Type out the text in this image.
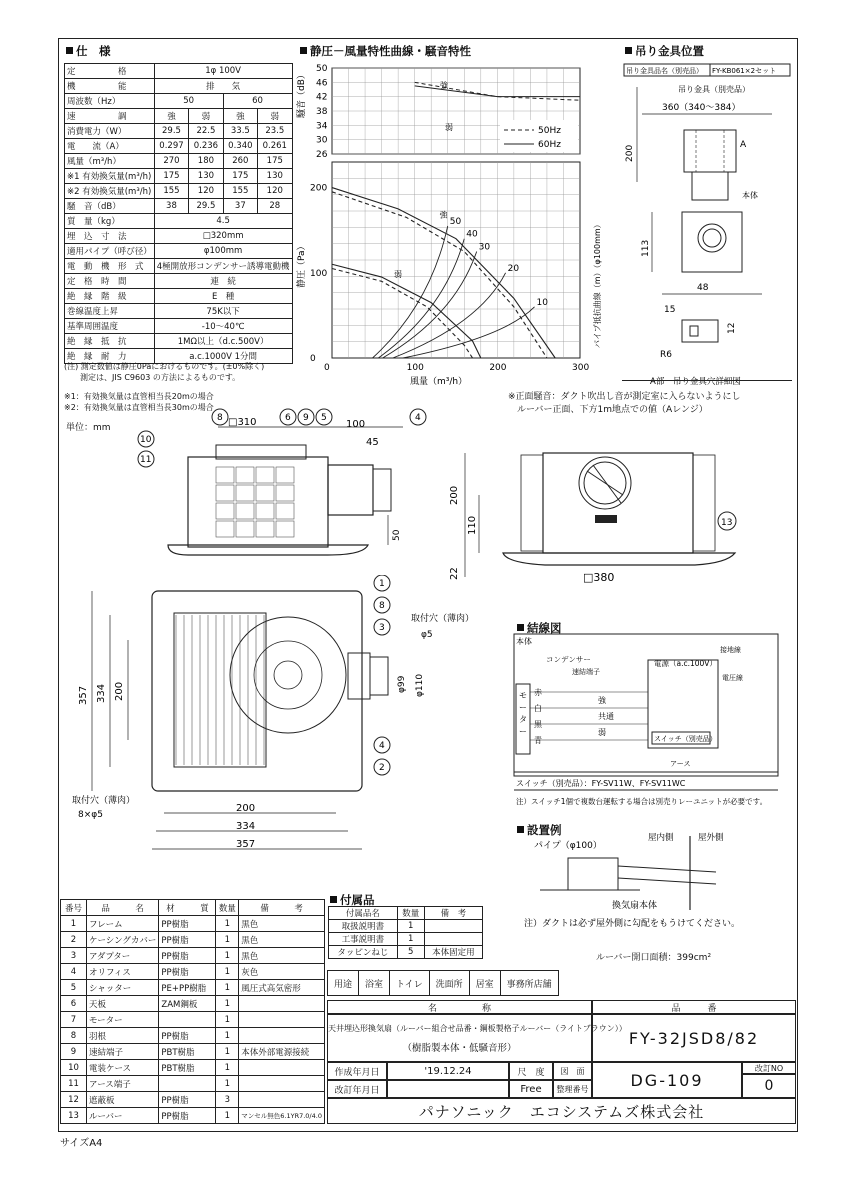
仕　様	静圧－風量特性曲線・騒音特性	吊り金具位置
定　　　　　格	1φ 100V			
機　　　　　能	排　　気			
周波数（Hz）	50		60	
速　　　　　調	強	弱	強	弱
消費電力（W）	29.5	22.5	33.5	23.5
電　　流（A）	0.297	0.236	0.340	0.261
風量（m³/h）	270	180	260	175
※1 有効換気量(m³/h)	175	130	175	130
※2 有効換気量(m³/h)	155	120	155	120
騒　音（dB）	38	29.5	37	28
質　量（kg）	4.5			
埋　込　寸　法	□320mm			
適用パイプ（呼び径）	φ100mm			
電　動　機　形　式	4極開放形コンデンサー誘導電動機			
定　格　時　間	連　続			
絶　縁　階　級	E　種			
巻線温度上昇	75K以下			
基準周囲温度	-10～40℃			
絶　縁　抵　抗	1MΩ以上（d.c.500V）			
絶　縁　耐　力	a.c.1000V 1分間			
(注) 測定数値は静圧0Paにおけるものです。(±0%除く)
　　測定は、JIS C9603 の方法によるものです。
※1：有効換気量は直管相当長20mの場合
※2：有効換気量は直管相当長30mの場合
単位：mm
50
46
42
38
34
30
26
騒音（dB）	強
弱	50Hz
60Hz
200
100
0
0	100	200	300
風量（m³/h）
静圧（Pa）	パイプ抵抗曲線（m）（φ100mm）
強
弱
50
40
30
20
10
吊り金具品名（別売品） FY-KB061×2セット
吊り金具（別売品）
360（340～384）
200	A
本体
113
48
15
12
R6
A部　吊り金具穴詳細図
※正面騒音：ダクト吹出し音が測定室に入らないようにし
　ルーバー正面、下方1m地点での値（Aレンジ）
□310	100
45
50
8	6 9 5	4
10
11
200
110
22	□380
13
357 334 200
200
334
357
φ99 φ110
取付穴（薄肉）
φ5
取付穴（薄肉）
8×φ5
1
8
3
4
2
結線図
本体
コンデンサー
速結端子
接地線
電源（a.c.100V）
電圧線
スイッチ（別売品）
モ
ー
タ
ー
赤
白
黒
青
強
共通
弱
アース
スイッチ（別売品）：FY-SV11W、FY-SV11WC
注）スイッチ1個で複数台運転する場合は別売りレーユニットが必要です。
設置例
パイプ（φ100）
屋内側	屋外側
換気扇本体
注）ダクトは必ず屋外側に勾配をもうけてください。
ルーバー開口面積：399cm²
付属品
付属品名	数量	備　考
取扱説明書	1	
工事説明書	1	
タッピンねじ	5	本体固定用
用途	浴室	トイレ	洗面所	居室	事務所店舗
番号	品　　　名	材　　　質	数量	備　　　考
1	フレーム	PP樹脂	1	黒色
2	ケーシングカバー	PP樹脂	1	黒色
3	アダプター	PP樹脂	1	黒色
4	オリフィス	PP樹脂	1	灰色
5	シャッター	PE+PP樹脂	1	風圧式高気密形
6	天板	ZAM鋼板	1	
7	モーター		1	
8	羽根	PP樹脂	1	
9	速結端子	PBT樹脂	1	本体外部電源接続
10	電装ケース	PBT樹脂	1	
11	アース端子		1	
12	遮蔽板	PP樹脂	3	
13	ルーバー	PP樹脂	1	マンセル無色6.1YR7.0/4.0
名　　　　　称	品　　　番
天井埋込形換気扇（ルーバー組合せ品番・鋼板製格子ルーバー（ライトブラウン））
（樹脂製本体・低騒音形）
FY-32JSD8/82
作成年月日	'19.12.24	尺　度	図　面
改訂年月日	Free	整理番号	DG-109
改訂NO
0
パナソニック　エコシステムズ株式会社
サイズA4
